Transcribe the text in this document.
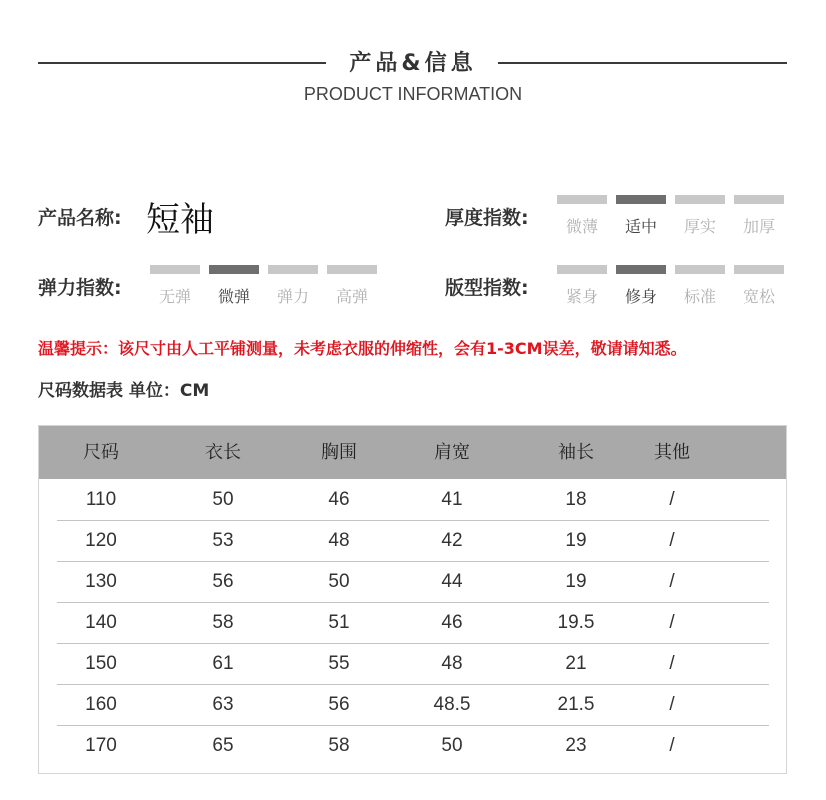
产品&信息
PRODUCT INFORMATION
产品名称: 短袖	厚度指数: 微薄 适中 厚实 加厚
弹力指数: 无弹 微弹 弹力 高弹	版型指数: 紧身 修身 标准 宽松
温馨提示：该尺寸由人工平铺测量，未考虑衣服的伸缩性，会有1-3CM误差，敬请请知悉。
尺码数据表 单位：CM
尺码	衣长	胸围	肩宽	袖长	其他
110	50	46	41	18	/
120	53	48	42	19	/
130	56	50	44	19	/
140	58	51	46	19.5	/
150	61	55	48	21	/
160	63	56	48.5	21.5	/
170	65	58	50	23	/
